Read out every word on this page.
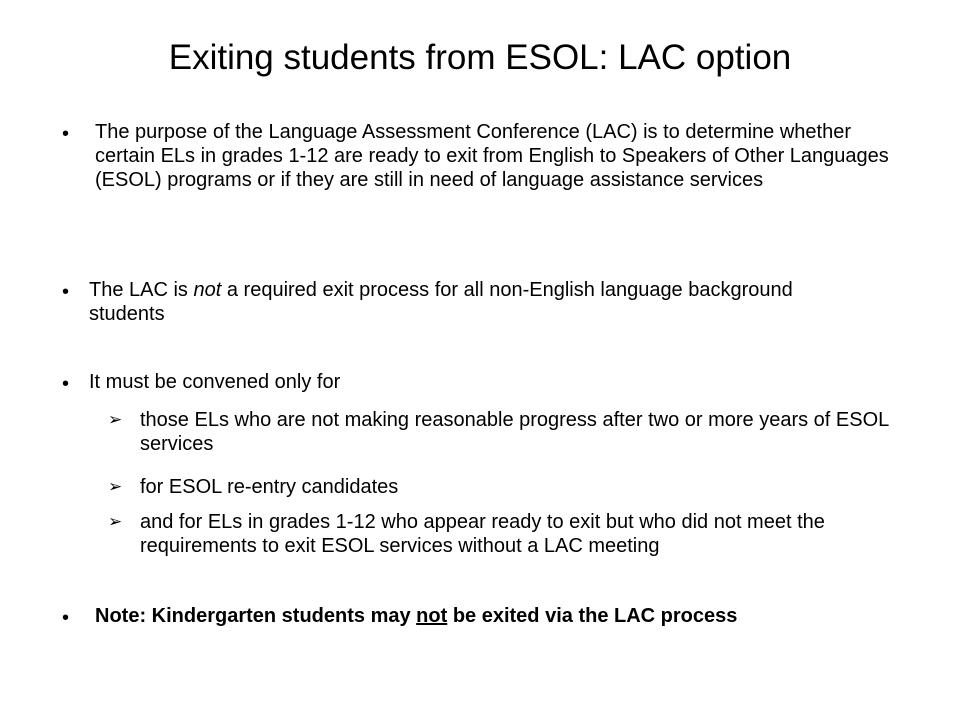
Exiting students from ESOL: LAC option
• The purpose of the Language Assessment Conference (LAC) is to determine whether certain ELs in grades 1-12 are ready to exit from English to Speakers of Other Languages (ESOL) programs or if they are still in need of language assistance services
• The LAC is not a required exit process for all non-English language background students
• It must be convened only for
➢ those ELs who are not making reasonable progress after two or more years of ESOL services
➢ for ESOL re-entry candidates
➢ and for ELs in grades 1-12 who appear ready to exit but who did not meet the requirements to exit ESOL services without a LAC meeting
• Note: Kindergarten students may not be exited via the LAC process
